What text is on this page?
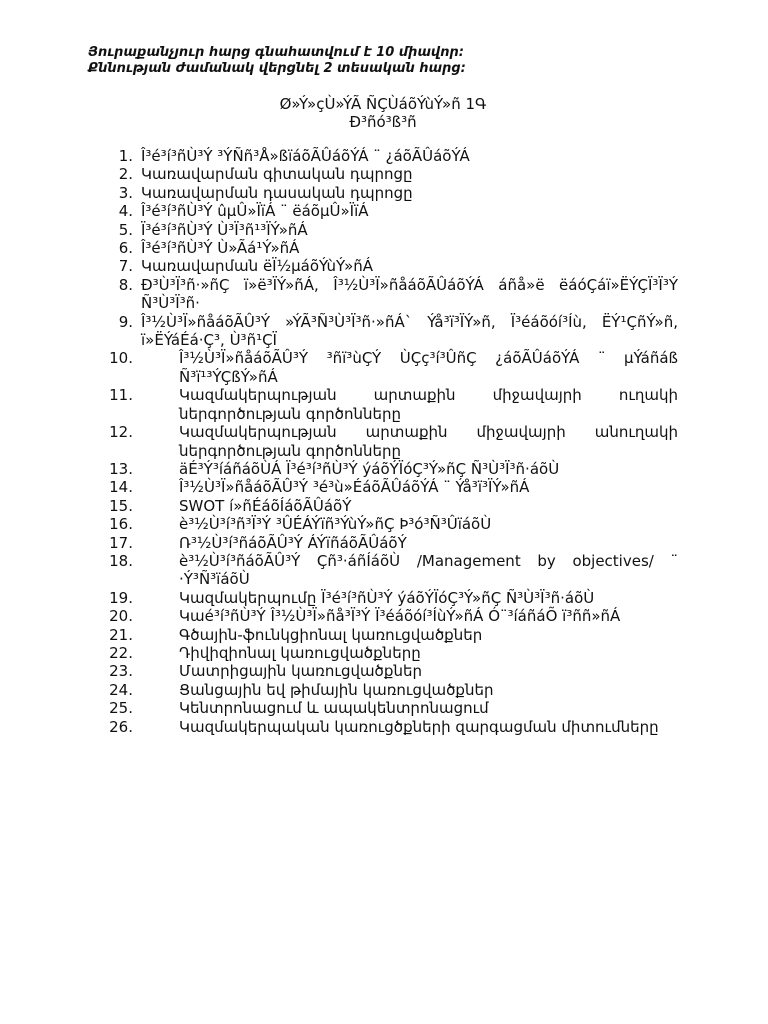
Յուրաքանչյուր հարց գնահատվում է 10 միավոր:
Քննության ժամանակ վերցնել 2 տեսական հարց:
Ø»Ý»çÙ»ÝÃ ÑÇÙáõÝùÝ»ñ 1Գ
Ð³ñó³ß³ñ
1. Î³é³í³ñÙ³Ý ³ÝÑñ³Å»ßïáõÃÛáõÝÁ ¨ ¿áõÃÛáõÝÁ
2. Կառավարման գիտական դպրոցը
3. Կառավարման դասական դպրոցը
4. Î³é³í³ñÙ³Ý ûμÛ»ÏïÁ ¨ ëáõμÛ»ÏïÁ
5. Ï³é³í³ñÙ³Ý Ù³Ï³ñ¹³ÏÝ»ñÁ
6. Î³é³í³ñÙ³Ý Ù»Ãá¹Ý»ñÁ
7. Կառավարման ëÏ½μáõÝùÝ»ñÁ
8. Ð³Ù³Ï³ñ·»ñÇ ï»ë³ÏÝ»ñÁ, Î³½Ù³Ï»ñåáõÃÛáõÝÁ áñå»ë ëáóÇáï»ËÝÇÏ³Ï³Ý Ñ³Ù³Ï³ñ·
9. Î³½Ù³Ï»ñåáõÃÛ³Ý »ÝÃ³Ñ³Ù³Ï³ñ·»ñÁ` Ýå³ï³ÏÝ»ñ, Ï³éáõóí³Íù, ËÝ¹ÇñÝ»ñ, ï»ËÝáÉá·Ç³, Ù³ñ¹ÇÏ
10.	Î³½Ù³Ï»ñåáõÃÛ³Ý ³ñï³ùÇÝ ÙÇç³í³ÛñÇ ¿áõÃÛáõÝÁ ¨ µÝáñáß Ñ³ï¹³ÝÇßÝ»ñÁ
11.	Կազմակերպության արտաքին միջավայրի ուղակի ներգործության գործոնները
12.	Կազմակերպության արտաքին միջավայրի անուղակի ներգործության գործոնները
13.	äÉ³Ý³íáñáõÙÁ Ï³é³í³ñÙ³Ý ýáõÝÏóÇ³Ý»ñÇ Ñ³Ù³Ï³ñ·áõÙ
14.	Î³½Ù³Ï»ñåáõÃÛ³Ý ³é³ù»ÉáõÃÛáõÝÁ ¨ Ýå³ï³ÏÝ»ñÁ
15.	SWOT í»ñÉáõÍáõÃÛáõÝ
16.	è³½Ù³í³ñ³Ï³Ý ³ÛÉÁÝïñ³ÝùÝ»ñÇ Þ³ó³Ñ³ÛïáõÙ
17.	Ռ³½Ù³í³ñáõÃÛ³Ý ÁÝïñáõÃÛáõÝ
18.	è³½Ù³í³ñáõÃÛ³Ý Çñ³·áñÍáõÙ /Management by objectives/ ¨ ·Ý³Ñ³ïáõÙ
19.	Կազմակերպումը Ï³é³í³ñÙ³Ý ýáõÝÏóÇ³Ý»ñÇ Ñ³Ù³Ï³ñ·áõÙ
20.	Կաé³í³ñÙ³Ý Î³½Ù³Ï»ñå³Ï³Ý Ï³éáõóí³ÍùÝ»ñÁ Ó¨³íáñáÕ ï³ññ»ñÁ
21.	Գծային-ֆունկցիոնալ կառուցվածքներ
22.	Դիվիզիոնալ կառուցվածքները
23.	Մատրիցային կառուցվածքներ
24.	Ցանցային եվ թիմային կառուցվածքներ
25.	Կենտրոնացում և ապակենտրոնացում
26.	Կազմակերպական կառուցծքների զարգացման միտումները
